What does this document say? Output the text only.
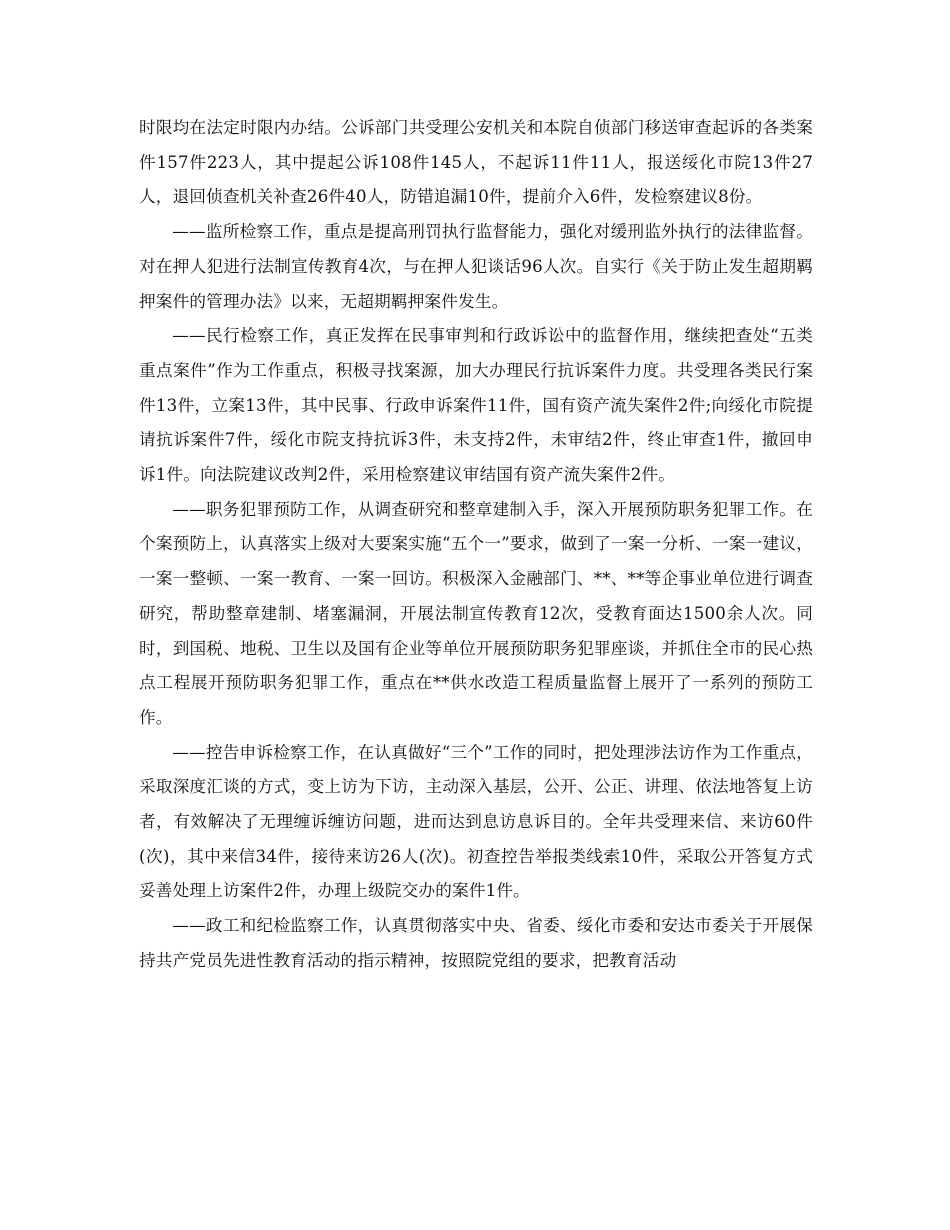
时限均在法定时限内办结。公诉部门共受理公安机关和本院自侦部门移送审查起诉的各类案件157件223人，其中提起公诉108件145人，不起诉11件11人，报送绥化市院13件27人，退回侦查机关补查26件40人，防错追漏10件，提前介入6件，发检察建议8份。

——监所检察工作，重点是提高刑罚执行监督能力，强化对缓刑监外执行的法律监督。对在押人犯进行法制宣传教育4次，与在押人犯谈话96人次。自实行《关于防止发生超期羁押案件的管理办法》以来，无超期羁押案件发生。

——民行检察工作，真正发挥在民事审判和行政诉讼中的监督作用，继续把查处“五类重点案件”作为工作重点，积极寻找案源，加大办理民行抗诉案件力度。共受理各类民行案件13件，立案13件，其中民事、行政申诉案件11件，国有资产流失案件2件;向绥化市院提请抗诉案件7件，绥化市院支持抗诉3件，未支持2件，未审结2件，终止审查1件，撤回申诉1件。向法院建议改判2件，采用检察建议审结国有资产流失案件2件。

——职务犯罪预防工作，从调查研究和整章建制入手，深入开展预防职务犯罪工作。在个案预防上，认真落实上级对大要案实施“五个一”要求，做到了一案一分析、一案一建议，一案一整顿、一案一教育、一案一回访。积极深入金融部门、**、**等企事业单位进行调查研究，帮助整章建制、堵塞漏洞，开展法制宣传教育12次，受教育面达1500余人次。同时，到国税、地税、卫生以及国有企业等单位开展预防职务犯罪座谈，并抓住全市的民心热点工程展开预防职务犯罪工作，重点在**供水改造工程质量监督上展开了一系列的预防工作。

——控告申诉检察工作，在认真做好“三个”工作的同时，把处理涉法访作为工作重点，采取深度汇谈的方式，变上访为下访，主动深入基层，公开、公正、讲理、依法地答复上访者，有效解决了无理缠诉缠访问题，进而达到息访息诉目的。全年共受理来信、来访60件(次)，其中来信34件，接待来访26人(次)。初查控告举报类线索10件，采取公开答复方式妥善处理上访案件2件，办理上级院交办的案件1件。

——政工和纪检监察工作，认真贯彻落实中央、省委、绥化市委和安达市委关于开展保持共产党员先进性教育活动的指示精神，按照院党组的要求，把教育活动
